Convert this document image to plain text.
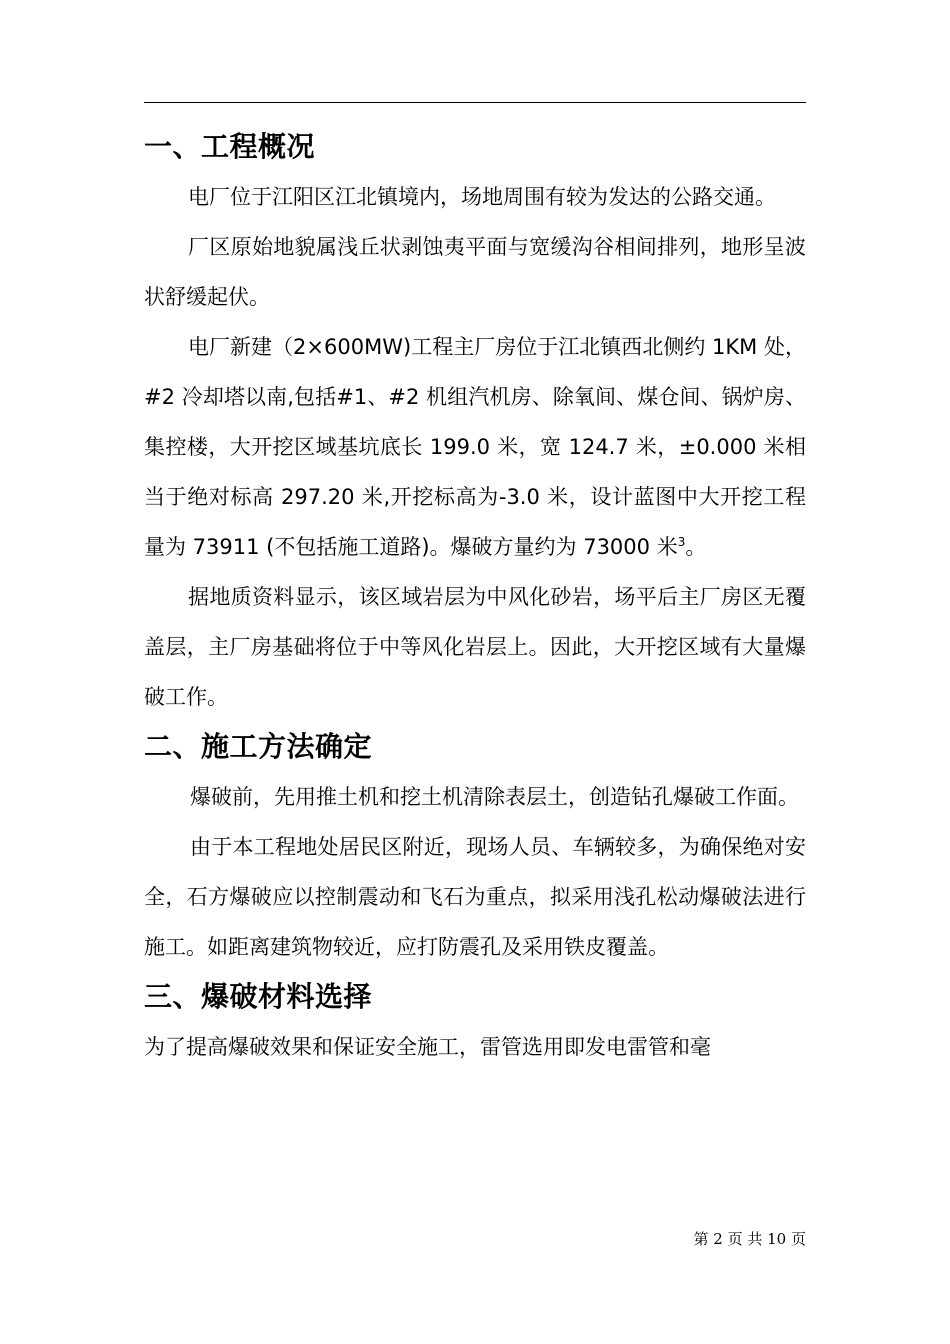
一、工程概况

电厂位于江阳区江北镇境内，场地周围有较为发达的公路交通。

厂区原始地貌属浅丘状剥蚀夷平面与宽缓沟谷相间排列，地形呈波状舒缓起伏。

电厂新建（2×600MW)工程主厂房位于江北镇西北侧约 1KM 处，#2 冷却塔以南,包括#1、#2 机组汽机房、除氧间、煤仓间、锅炉房、集控楼，大开挖区域基坑底长 199.0 米，宽 124.7 米，±0.000 米相当于绝对标高 297.20 米,开挖标高为-3.0 米，设计蓝图中大开挖工程量为 73911 (不包括施工道路)。爆破方量约为 73000 米$^3$。

据地质资料显示，该区域岩层为中风化砂岩，场平后主厂房区无覆盖层，主厂房基础将位于中等风化岩层上。因此，大开挖区域有大量爆破工作。

二、施工方法确定

爆破前，先用推土机和挖土机清除表层土，创造钻孔爆破工作面。

由于本工程地处居民区附近，现场人员、车辆较多，为确保绝对安全，石方爆破应以控制震动和飞石为重点，拟采用浅孔松动爆破法进行施工。如距离建筑物较近，应打防震孔及采用铁皮覆盖。

三、爆破材料选择

为了提高爆破效果和保证安全施工，雷管选用即发电雷管和毫

第 2 页 共 10 页
